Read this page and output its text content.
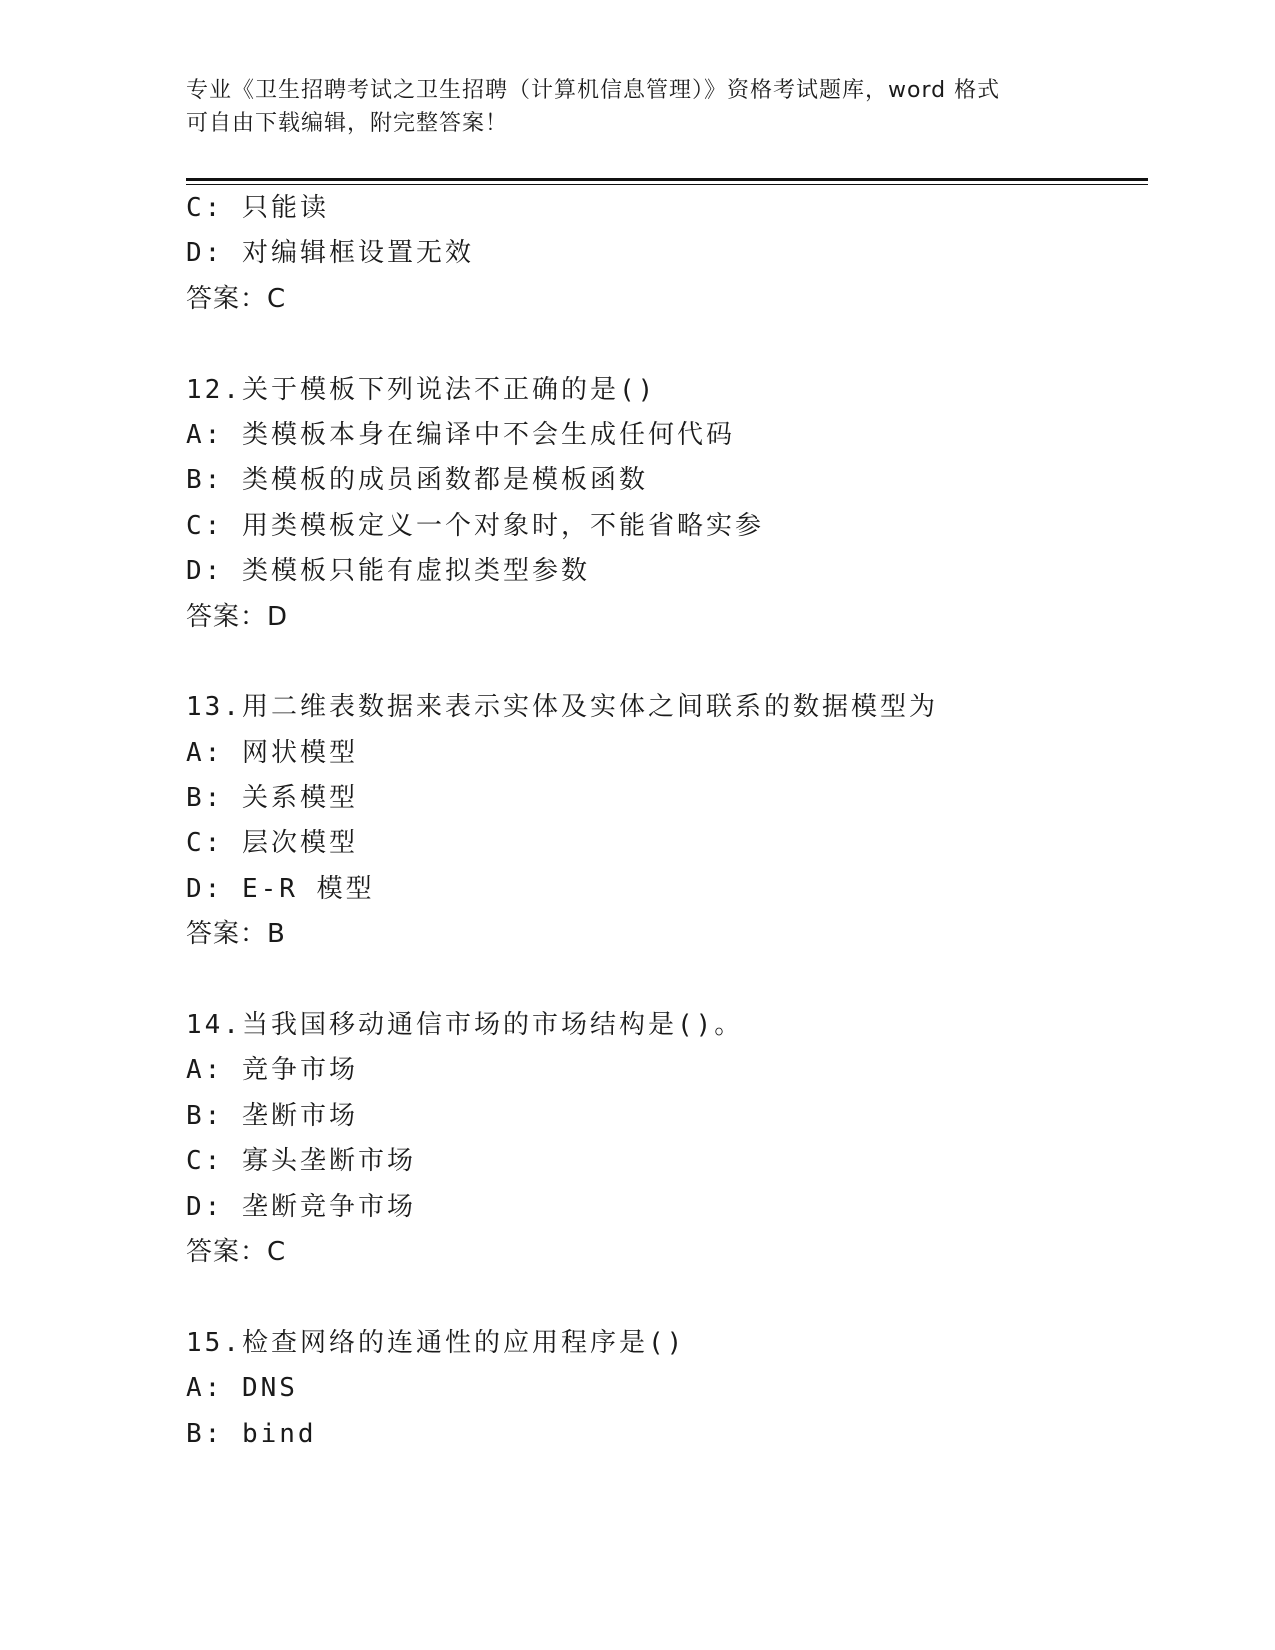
专业《卫生招聘考试之卫生招聘（计算机信息管理）》资格考试题库，word 格式
可自由下载编辑，附完整答案！
C: 只能读
D: 对编辑框设置无效
答案：C
12.关于模板下列说法不正确的是()
A: 类模板本身在编译中不会生成任何代码
B: 类模板的成员函数都是模板函数
C: 用类模板定义一个对象时，不能省略实参
D: 类模板只能有虚拟类型参数
答案：D
13.用二维表数据来表示实体及实体之间联系的数据模型为
A: 网状模型
B: 关系模型
C: 层次模型
D: E-R 模型
答案：B
14.当我国移动通信市场的市场结构是()。
A: 竞争市场
B: 垄断市场
C: 寡头垄断市场
D: 垄断竞争市场
答案：C
15.检查网络的连通性的应用程序是()
A: DNS
B: bind
